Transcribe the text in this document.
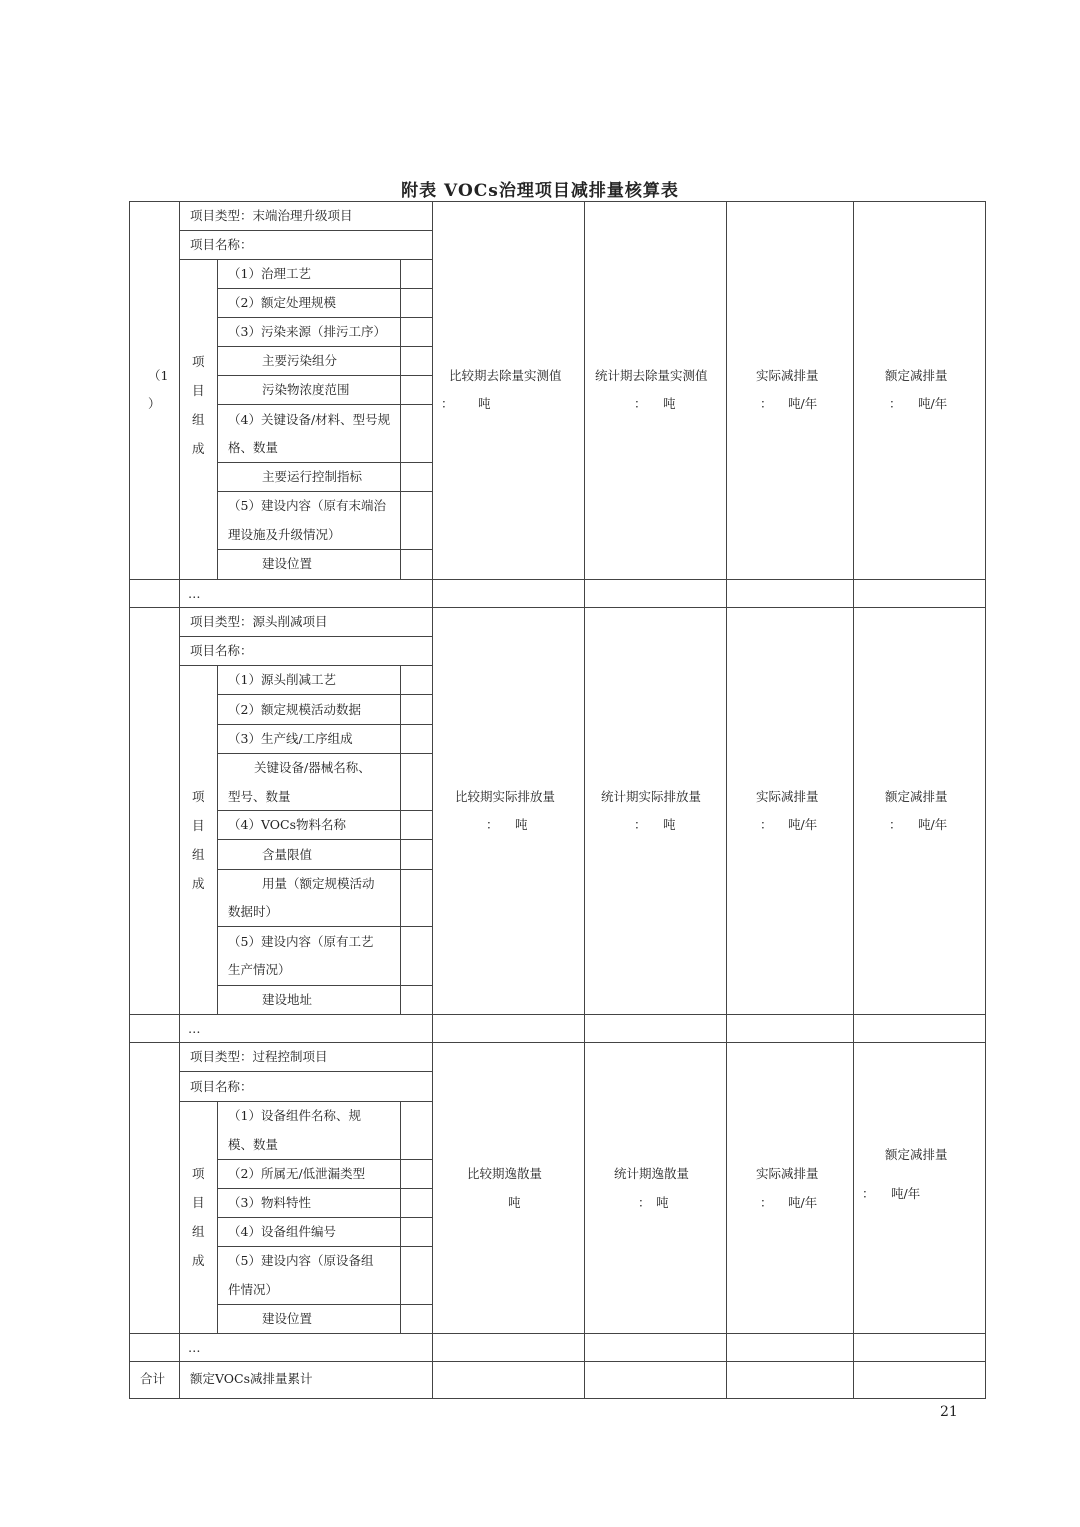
附表 VOCs治理项目减排量核算表
（1
）
项目类型：末端治理升级项目
项目名称：
项
目
组
成
（1）治理工艺
（2）额定处理规模
（3）污染来源（排污工序）
主要污染组分
污染物浓度范围
（4）关键设备/材料、型号规
格、数量
主要运行控制指标
（5）建设内容（原有末端治
理设施及升级情况）
建设位置
比较期去除量实测值
： 吨
统计期去除量实测值
： 吨
实际减排量
： 吨/年
额定减排量
： 吨/年
…
项目类型：源头削减项目
项目名称：
项
目
组
成
（1）源头削减工艺
（2）额定规模活动数据
（3）生产线/工序组成
关键设备/器械名称、
型号、数量
（4）VOCs物料名称
含量限值
用量（额定规模活动
数据时）
（5）建设内容（原有工艺
生产情况）
建设地址
比较期实际排放量
： 吨
统计期实际排放量
： 吨
实际减排量
： 吨/年
额定减排量
： 吨/年
…
项目类型：过程控制项目
项目名称：
项
目
组
成
（1）设备组件名称、规
模、数量
（2）所属无/低泄漏类型
（3）物料特性
（4）设备组件编号
（5）建设内容（原设备组
件情况）
建设位置
比较期逸散量
吨
统计期逸散量
： 吨
实际减排量
： 吨/年
额定减排量
： 吨/年
…
合计 额定VOCs减排量累计
21
